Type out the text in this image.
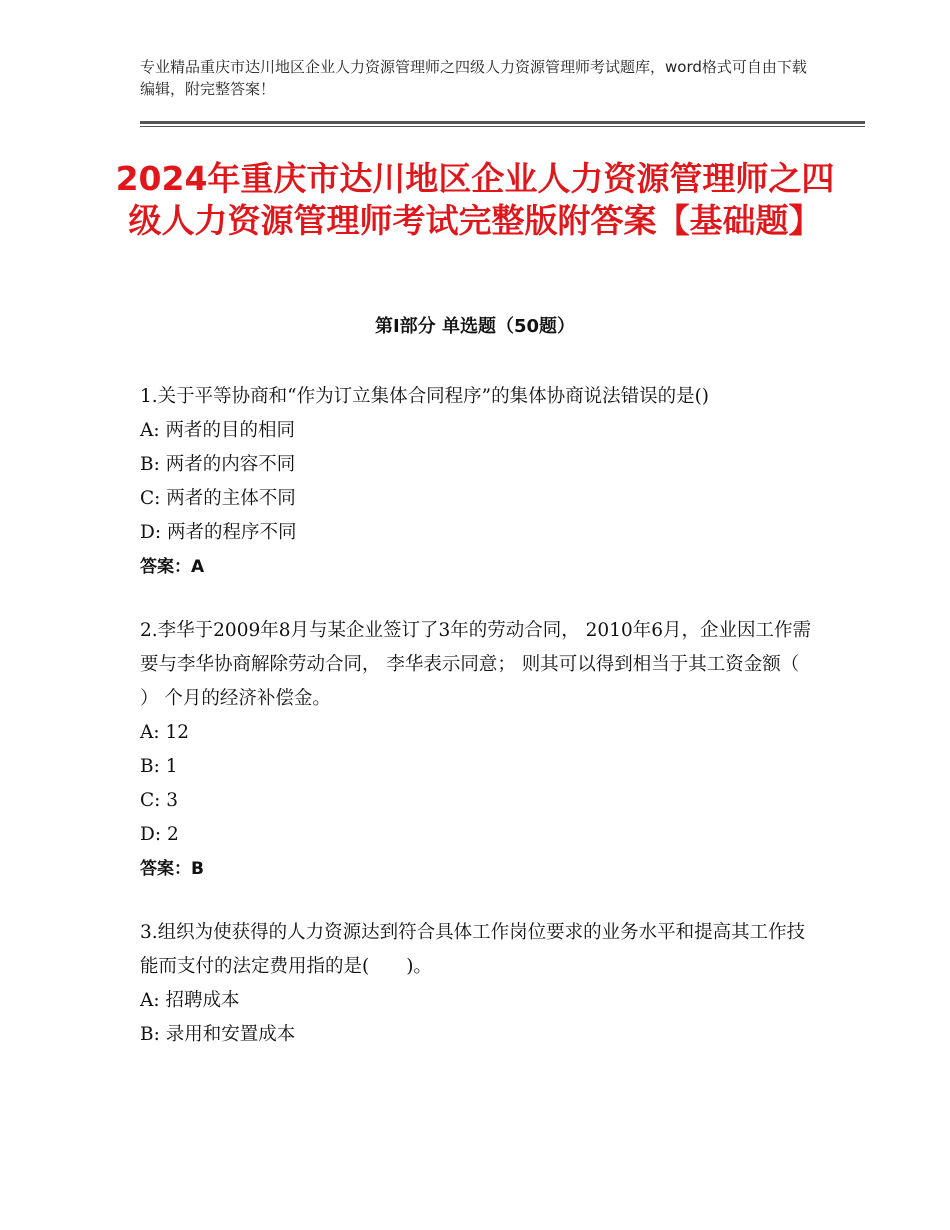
专业精品重庆市达川地区企业人力资源管理师之四级人力资源管理师考试题库，word格式可自由下载编辑，附完整答案！
2024年重庆市达川地区企业人力资源管理师之四级人力资源管理师考试完整版附答案【基础题】
第Ⅰ部分 单选题（50题）

1.关于平等协商和“作为订立集体合同程序”的集体协商说法错误的是()

A: 两者的目的相同

B: 两者的内容不同

C: 两者的主体不同

D: 两者的程序不同

答案：A

2.李华于2009年8月与某企业签订了3年的劳动合同， 2010年6月，企业因工作需要与李华协商解除劳动合同， 李华表示同意； 则其可以得到相当于其工资金额（ ） 个月的经济补偿金。

A: 12

B: 1

C: 3

D: 2

答案：B

3.组织为使获得的人力资源达到符合具体工作岗位要求的业务水平和提高其工作技能而支付的法定费用指的是(　　)。

A: 招聘成本

B: 录用和安置成本
